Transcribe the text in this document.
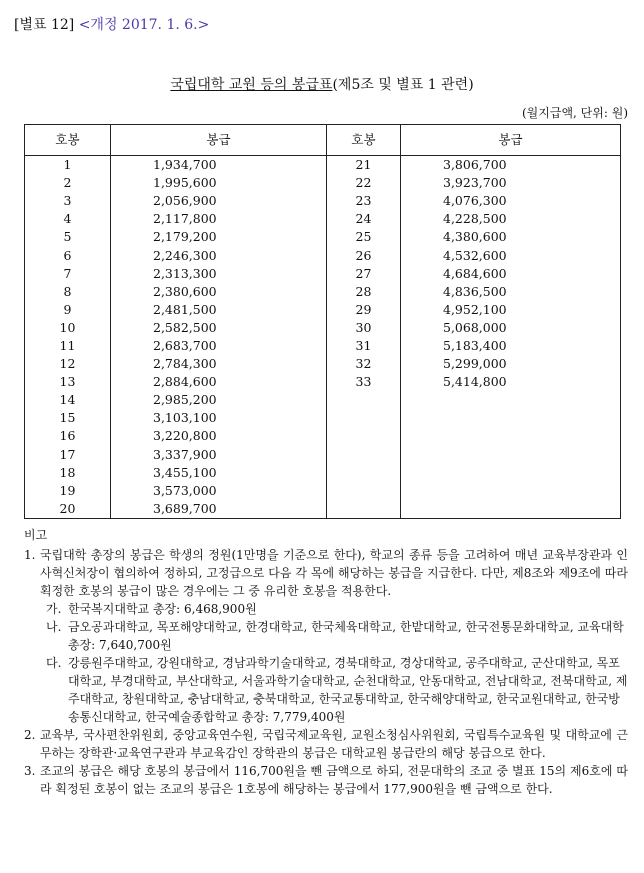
[별표 12] <개정 2017. 1. 6.>
국립대학 교원 등의 봉급표(제5조 및 별표 1 관련)
(월지급액, 단위: 원)
호봉	봉급	호봉	봉급
1	1,934,700	21	3,806,700
2	1,995,600	22	3,923,700
3	2,056,900	23	4,076,300
4	2,117,800	24	4,228,500
5	2,179,200	25	4,380,600
6	2,246,300	26	4,532,600
7	2,313,300	27	4,684,600
8	2,380,600	28	4,836,500
9	2,481,500	29	4,952,100
10	2,582,500	30	5,068,000
11	2,683,700	31	5,183,400
12	2,784,300	32	5,299,000
13	2,884,600	33	5,414,800
14	2,985,200		
15	3,103,100		
16	3,220,800		
17	3,337,900		
18	3,455,100		
19	3,573,000		
20	3,689,700		
비고
1. 국립대학 총장의 봉급은 학생의 정원(1만명을 기준으로 한다), 학교의 종류 등을 고려하여 매년 교육부장관과 인사혁신처장이 협의하여 정하되, 고정급으로 다음 각 목에 해당하는 봉급을 지급한다. 다만, 제8조와 제9조에 따라 획정한 호봉의 봉급이 많은 경우에는 그 중 유리한 호봉을 적용한다.
가. 한국복지대학교 총장: 6,468,900원
나. 금오공과대학교, 목포해양대학교, 한경대학교, 한국체육대학교, 한밭대학교, 한국전통문화대학교, 교육대학 총장: 7,640,700원
다. 강릉원주대학교, 강원대학교, 경남과학기술대학교, 경북대학교, 경상대학교, 공주대학교, 군산대학교, 목포대학교, 부경대학교, 부산대학교, 서울과학기술대학교, 순천대학교, 안동대학교, 전남대학교, 전북대학교, 제주대학교, 창원대학교, 충남대학교, 충북대학교, 한국교통대학교, 한국해양대학교, 한국교원대학교, 한국방송통신대학교, 한국예술종합학교 총장: 7,779,400원
2. 교육부, 국사편찬위원회, 중앙교육연수원, 국립국제교육원, 교원소청심사위원회, 국립특수교육원 및 대학교에 근무하는 장학관·교육연구관과 부교육감인 장학관의 봉급은 대학교원 봉급란의 해당 봉급으로 한다.
3. 조교의 봉급은 해당 호봉의 봉급에서 116,700원을 뺀 금액으로 하되, 전문대학의 조교 중 별표 15의 제6호에 따라 획정된 호봉이 없는 조교의 봉급은 1호봉에 해당하는 봉급에서 177,900원을 뺀 금액으로 한다.
